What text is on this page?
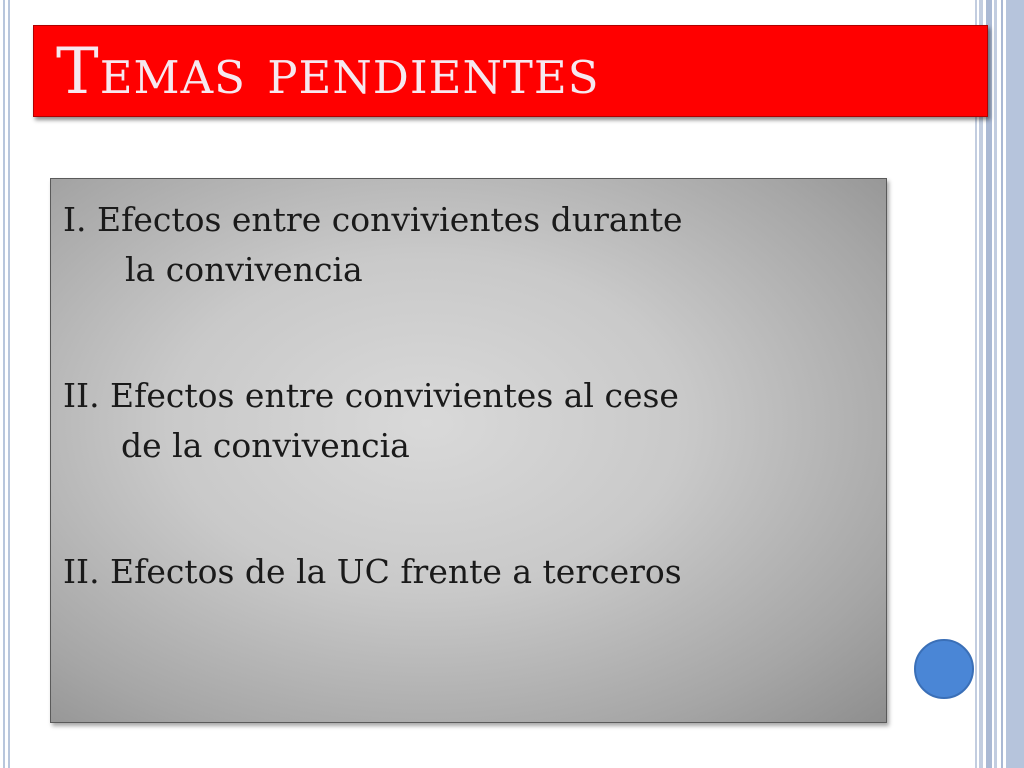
Temas pendientes
I. Efectos entre convivientes durante
la convivencia
II. Efectos entre convivientes al cese
de la convivencia
II. Efectos de la UC frente a terceros
